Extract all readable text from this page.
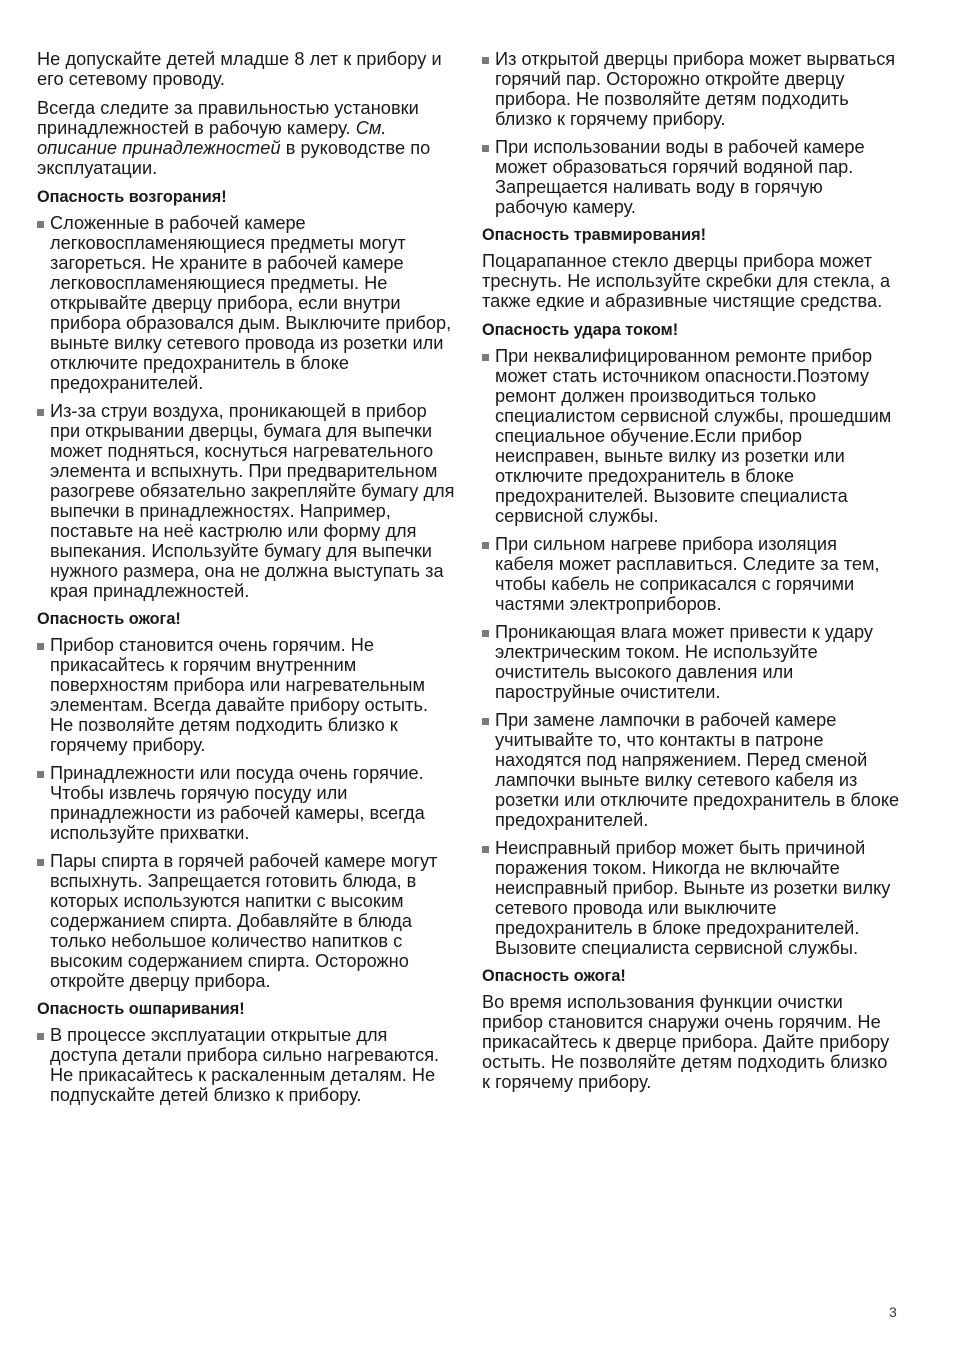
Не допускайте детей младше 8 лет к прибору и его сетевому проводу.

Всегда следите за правильностью установки принадлежностей в рабочую камеру. См. описание принадлежностей в руководстве по эксплуатации.

Опасность возгорания!
Сложенные в рабочей камере легковоспламеняющиеся предметы могут загореться. Не храните в рабочей камере легковоспламеняющиеся предметы. Не открывайте дверцу прибора, если внутри прибора образовался дым. Выключите прибор, выньте вилку сетевого провода из розетки или отключите предохранитель в блоке предохранителей.
Из-за струи воздуха, проникающей в прибор при открывании дверцы, бумага для выпечки может подняться, коснуться нагревательного элемента и вспыхнуть. При предварительном разогреве обязательно закрепляйте бумагу для выпечки в принадлежностях. Например, поставьте на неё кастрюлю или форму для выпекания. Используйте бумагу для выпечки нужного размера, она не должна выступать за края принадлежностей.
Опасность ожога!
Прибор становится очень горячим. Не прикасайтесь к горячим внутренним поверхностям прибора или нагревательным элементам. Всегда давайте прибору остыть. Не позволяйте детям подходить близко к горячему прибору.
Принадлежности или посуда очень горячие. Чтобы извлечь горячую посуду или принадлежности из рабочей камеры, всегда используйте прихватки.
Пары спирта в горячей рабочей камере могут вспыхнуть. Запрещается готовить блюда, в которых используются напитки с высоким содержанием спирта. Добавляйте в блюда только небольшое количество напитков с высоким содержанием спирта. Осторожно откройте дверцу прибора.
Опасность ошпаривания!
В процессе эксплуатации открытые для доступа детали прибора сильно нагреваются. Не прикасайтесь к раскаленным деталям. Не подпускайте детей близко к прибору.
Из открытой дверцы прибора может вырваться горячий пар. Осторожно откройте дверцу прибора. Не позволяйте детям подходить близко к горячему прибору.
При использовании воды в рабочей камере может образоваться горячий водяной пар. Запрещается наливать воду в горячую рабочую камеру.
Опасность травмирования!

Поцарапанное стекло дверцы прибора может треснуть. Не используйте скребки для стекла, а также едкие и абразивные чистящие средства.

Опасность удара током!
При неквалифицированном ремонте прибор может стать источником опасности.Поэтому ремонт должен производиться только специалистом сервисной службы, прошедшим специальное обучение.Если прибор неисправен, выньте вилку из розетки или отключите предохранитель в блоке предохранителей. Вызовите специалиста сервисной службы.
При сильном нагреве прибора изоляция кабеля может расплавиться. Следите за тем, чтобы кабель не соприкасался с горячими частями электроприборов.
Проникающая влага может привести к удару электрическим током. Не используйте очиститель высокого давления или пароструйные очистители.
При замене лампочки в рабочей камере учитывайте то, что контакты в патроне находятся под напряжением. Перед сменой лампочки выньте вилку сетевого кабеля из розетки или отключите предохранитель в блоке предохранителей.
Неисправный прибор может быть причиной поражения током. Никогда не включайте неисправный прибор. Выньте из розетки вилку сетевого провода или выключите предохранитель в блоке предохранителей. Вызовите специалиста сервисной службы.
Опасность ожога!

Во время использования функции очистки прибор становится снаружи очень горячим. Не прикасайтесь к дверце прибора. Дайте прибору остыть. Не позволяйте детям подходить близко к горячему прибору.

3
